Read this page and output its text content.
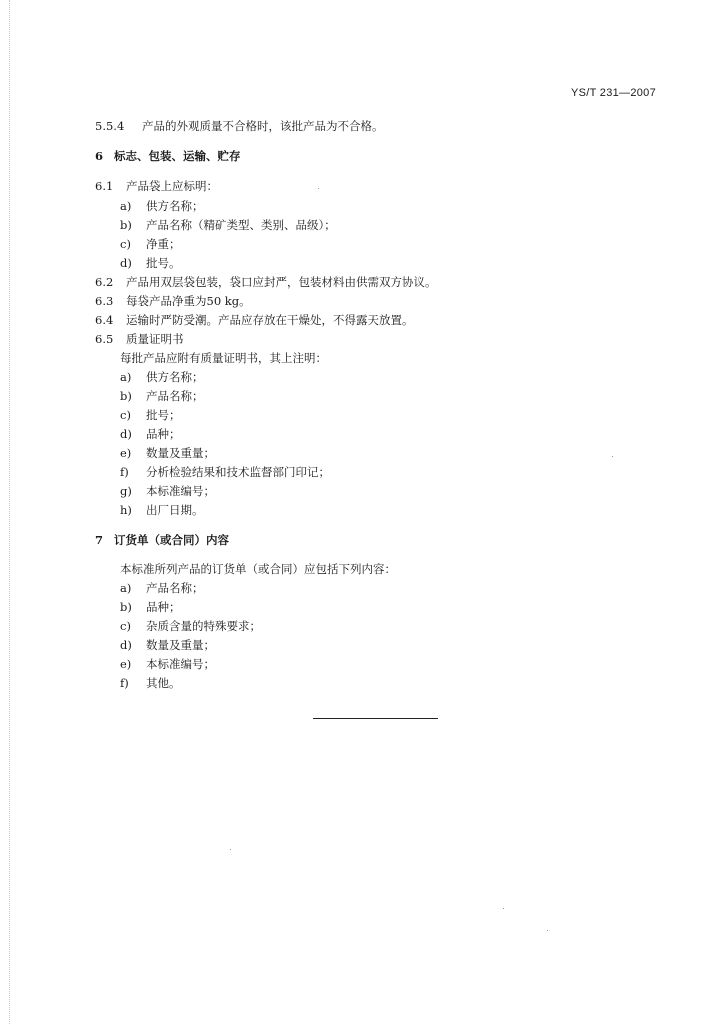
YS/T 231—2007
5.5.4 产品的外观质量不合格时，该批产品为不合格。
6 标志、包装、运输、贮存
6.1 产品袋上应标明：
a) 供方名称；
b) 产品名称（精矿类型、类别、品级）；
c) 净重；
d) 批号。
6.2 产品用双层袋包装，袋口应封严，包装材料由供需双方协议。
6.3 每袋产品净重为50 kg。
6.4 运输时严防受潮。产品应存放在干燥处，不得露天放置。
6.5 质量证明书
每批产品应附有质量证明书，其上注明：
a) 供方名称；
b) 产品名称；
c) 批号；
d) 品种；
e) 数量及重量；
f) 分析检验结果和技术监督部门印记；
g) 本标准编号；
h) 出厂日期。
7 订货单（或合同）内容
本标准所列产品的订货单（或合同）应包括下列内容：
a) 产品名称；
b) 品种；
c) 杂质含量的特殊要求；
d) 数量及重量；
e) 本标准编号；
f) 其他。
